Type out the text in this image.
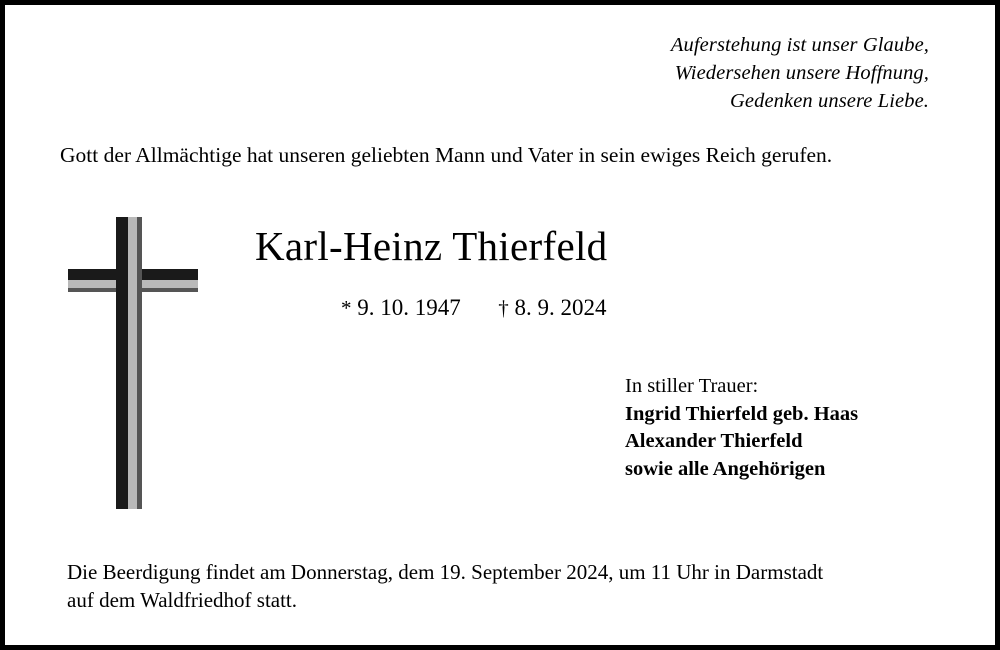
Auferstehung ist unser Glaube,
Wiedersehen unsere Hoffnung,
Gedenken unsere Liebe.
Gott der Allmächtige hat unseren geliebten Mann und Vater in sein ewiges Reich gerufen.
Karl-Heinz Thierfeld
* 9. 10. 1947 † 8. 9. 2024
In stiller Trauer:
Ingrid Thierfeld geb. Haas
Alexander Thierfeld
sowie alle Angehörigen
Die Beerdigung findet am Donnerstag, dem 19. September 2024, um 11 Uhr in Darmstadt
auf dem Waldfriedhof statt.
